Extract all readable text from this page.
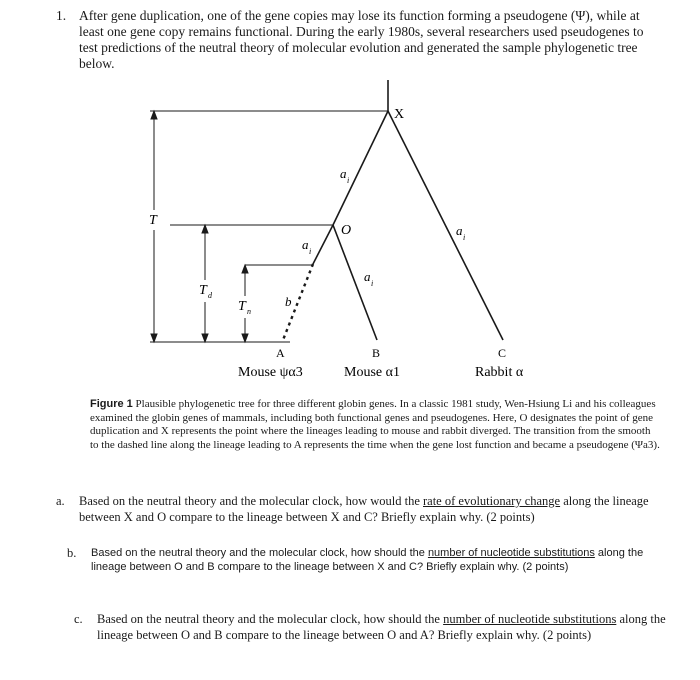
1. After gene duplication, one of the gene copies may lose its function forming a pseudogene (Ψ), while at least one gene copy remains functional. During the early 1980s, several researchers used pseudogenes to test predictions of the neutral theory of molecular evolution and generated the sample phylogenetic tree below.
X
O
a i
a i
a i
a i
b
T
T d
T n
A	B	C
Mouse ψα3	Mouse α1	Rabbit α
Figure 1 Plausible phylogenetic tree for three different globin genes. In a classic 1981 study, Wen-Hsiung Li and his colleagues examined the globin genes of mammals, including both functional genes and pseudogenes. Here, O designates the point of gene duplication and X represents the point where the lineages leading to mouse and rabbit diverged. The transition from the smooth to the dashed line along the lineage leading to A represents the time when the gene lost function and became a pseudogene (Ψa3).
a. Based on the neutral theory and the molecular clock, how would the rate of evolutionary change along the lineage between X and O compare to the lineage between X and C? Briefly explain why. (2 points)
b. Based on the neutral theory and the molecular clock, how should the number of nucleotide substitutions along the lineage between O and B compare to the lineage between X and C? Briefly explain why. (2 points)
c. Based on the neutral theory and the molecular clock, how should the number of nucleotide substitutions along the lineage between O and B compare to the lineage between O and A? Briefly explain why. (2 points)
